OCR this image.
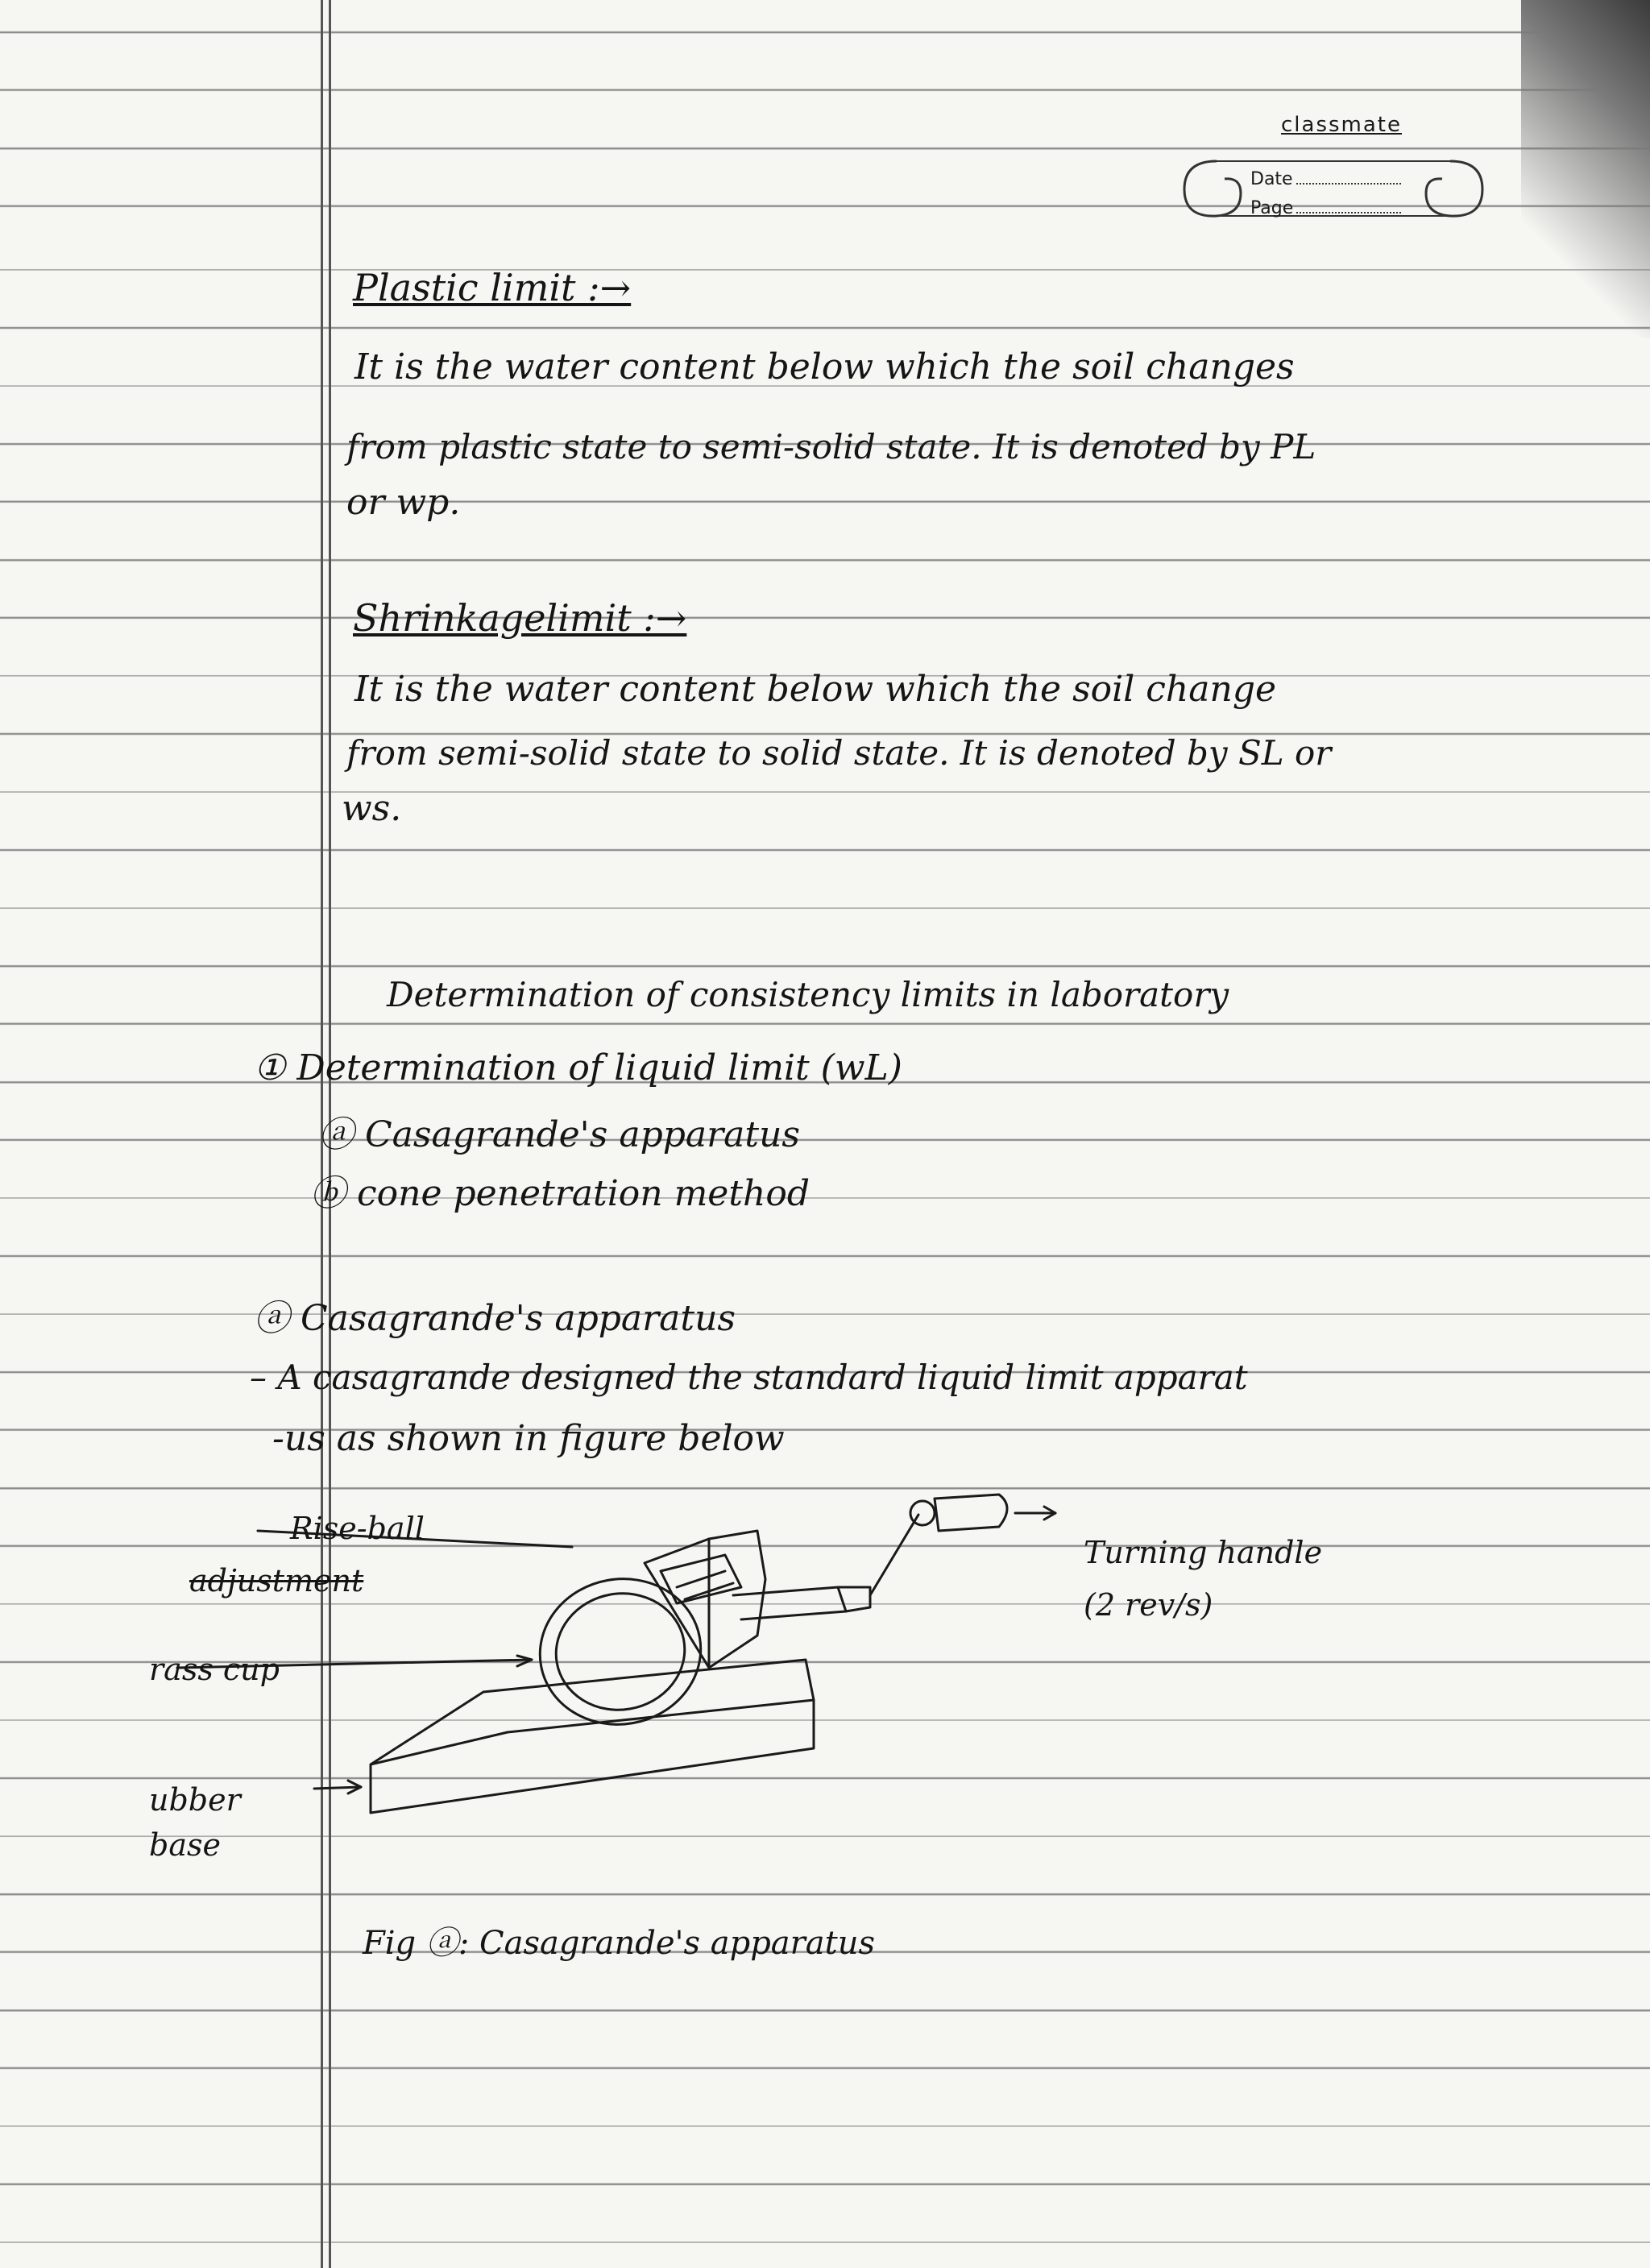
classmate
Date
Page
Plastic limit :→
It is the water content below which the soil changes
from plastic state to semi-solid state. It is denoted by PL
or wp.
Shrinkagelimit :→
It is the water content below which the soil change
from semi-solid state to solid state. It is denoted by SL or
ws.
Determination of consistency limits in laboratory
① Determination of liquid limit (wL)
ⓐ Casagrande's apparatus
ⓑ cone penetration method
ⓐ Casagrande's apparatus
– A casagrande designed the standard liquid limit apparat
-us as shown in figure below
Rise-ball
adjustment
rass cup
ubber
base
Turning handle
(2 rev/s)
Fig ⓐ: Casagrande's apparatus
